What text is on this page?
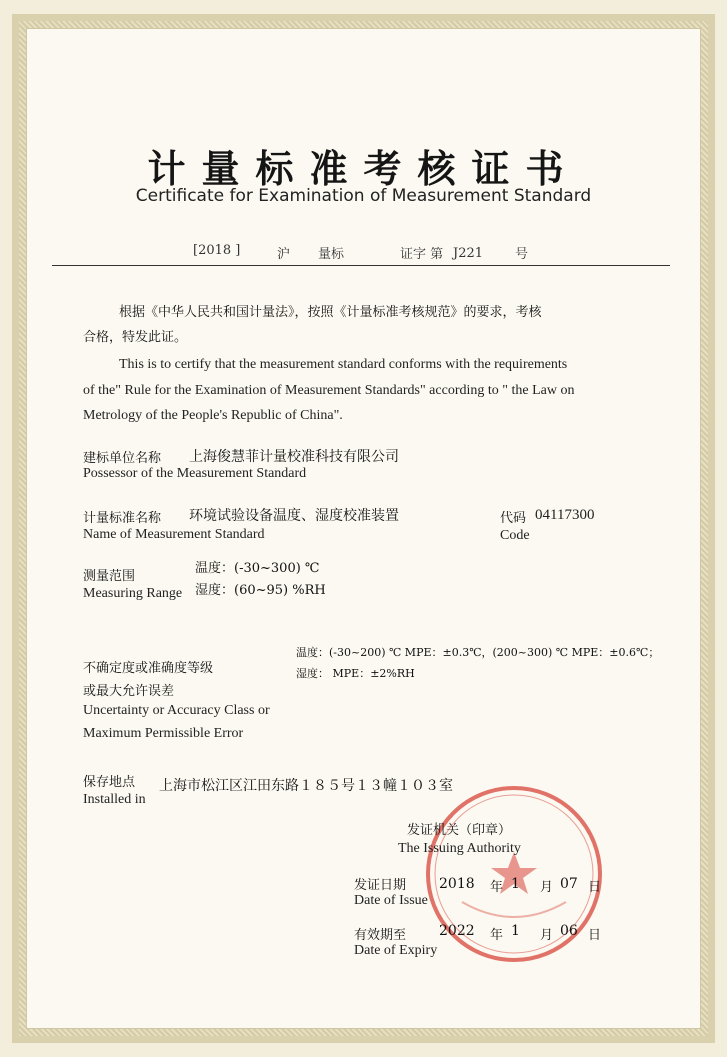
计量标准考核证书
Certificate for Examination of Measurement Standard
[2018 ]	沪 量标	证字 第 J221 号
根据《中华人民共和国计量法》，按照《计量标准考核规范》的要求，考核
合格，特发此证。
This is to certify that the measurement standard conforms with the requirements
of the" Rule for the Examination of Measurement Standards" according to " the Law on
Metrology of the People's Republic of China".
建标单位名称 上海俊慧菲计量校准科技有限公司
Possessor of the Measurement Standard
计量标准名称 环境试验设备温度、湿度校准装置
Name of Measurement Standard
代码 04117300
Code
测量范围
Measuring Range
温度：(-30~300) ℃
湿度：(60~95) %RH
温度：(-30~200) ℃ MPE：±0.3℃，(200~300) ℃ MPE：±0.6℃；
湿度： MPE：±2%RH
不确定度或准确度等级
或最大允许误差
Uncertainty or Accuracy Class or
Maximum Permissible Error
保存地点 上海市松江区江田东路１８５号１３幢１０３室
Installed in
发证机关（印章）
The Issuing Authority
发证日期
Date of Issue
2018 年 1 月 07 日
有效期至
Date of Expiry
2022 年 1 月 06 日
